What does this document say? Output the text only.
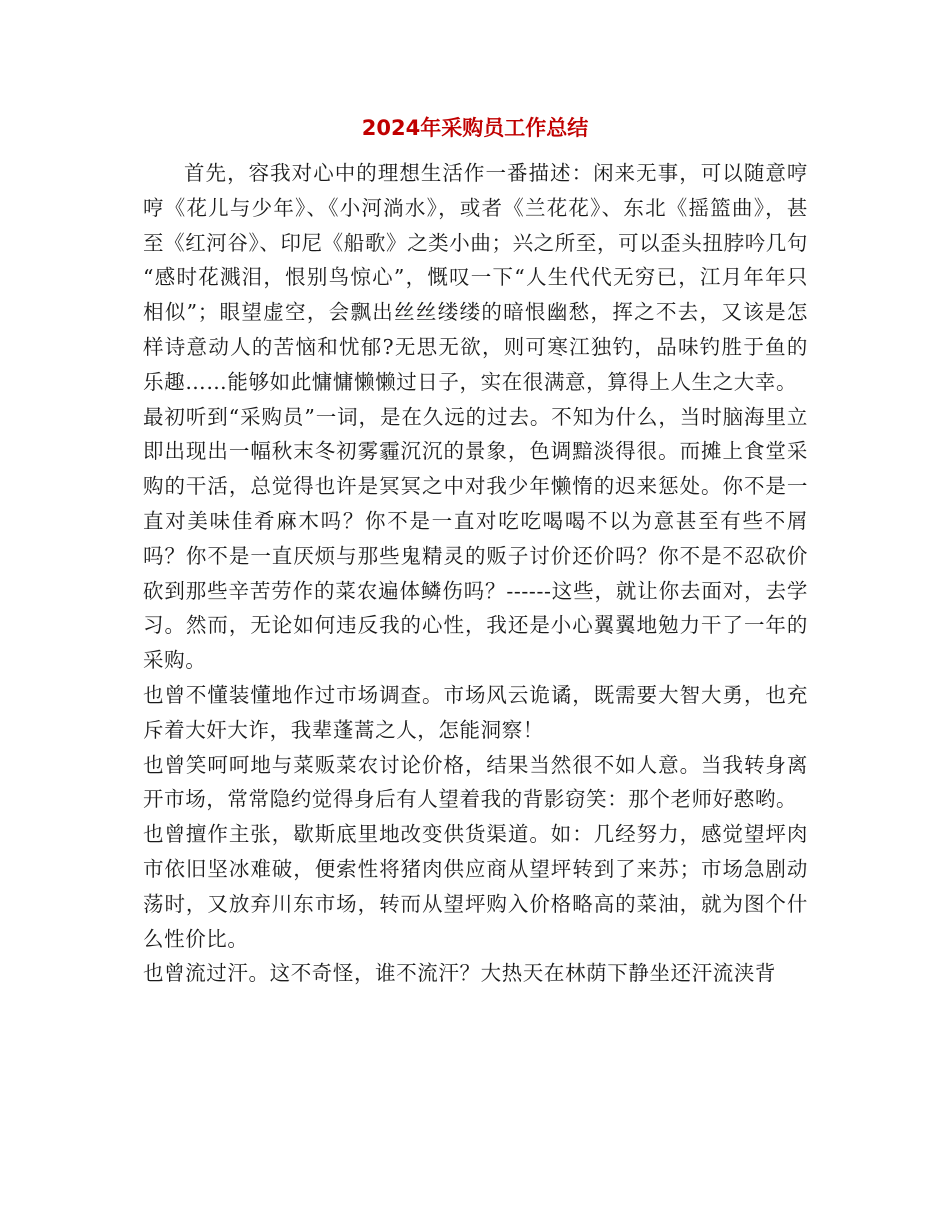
2024年采购员工作总结

首先，容我对心中的理想生活作一番描述：闲来无事，可以随意哼哼《花儿与少年》、《小河淌水》，或者《兰花花》、东北《摇篮曲》，甚至《红河谷》、印尼《船歌》之类小曲；兴之所至，可以歪头扭脖吟几句 “感时花溅泪，恨别鸟惊心”，慨叹一下“人生代代无穷已，江月年年只相似”；眼望虚空，会飘出丝丝缕缕的暗恨幽愁，挥之不去，又该是怎样诗意动人的苦恼和忧郁?无思无欲，则可寒江独钓，品味钓胜于鱼的乐趣……能够如此慵慵懒懒过日子，实在很满意，算得上人生之大幸。

最初听到“采购员”一词，是在久远的过去。不知为什么，当时脑海里立即出现出一幅秋末冬初雾霾沉沉的景象，色调黯淡得很。而摊上食堂采购的干活，总觉得也许是冥冥之中对我少年懒惰的迟来惩处。你不是一直对美味佳肴麻木吗？你不是一直对吃吃喝喝不以为意甚至有些不屑吗？你不是一直厌烦与那些鬼精灵的贩子讨价还价吗？你不是不忍砍价砍到那些辛苦劳作的菜农遍体鳞伤吗？------这些，就让你去面对，去学习。然而，无论如何违反我的心性，我还是小心翼翼地勉力干了一年的采购。

也曾不懂装懂地作过市场调查。市场风云诡谲，既需要大智大勇，也充斥着大奸大诈，我辈蓬蒿之人，怎能洞察！

也曾笑呵呵地与菜贩菜农讨论价格，结果当然很不如人意。当我转身离开市场，常常隐约觉得身后有人望着我的背影窃笑：那个老师好憨哟。

也曾擅作主张，歇斯底里地改变供货渠道。如：几经努力，感觉望坪肉市依旧坚冰难破，便索性将猪肉供应商从望坪转到了来苏；市场急剧动荡时，又放弃川东市场，转而从望坪购入价格略高的菜油，就为图个什么性价比。

也曾流过汗。这不奇怪，谁不流汗？大热天在林荫下静坐还汗流浃背
